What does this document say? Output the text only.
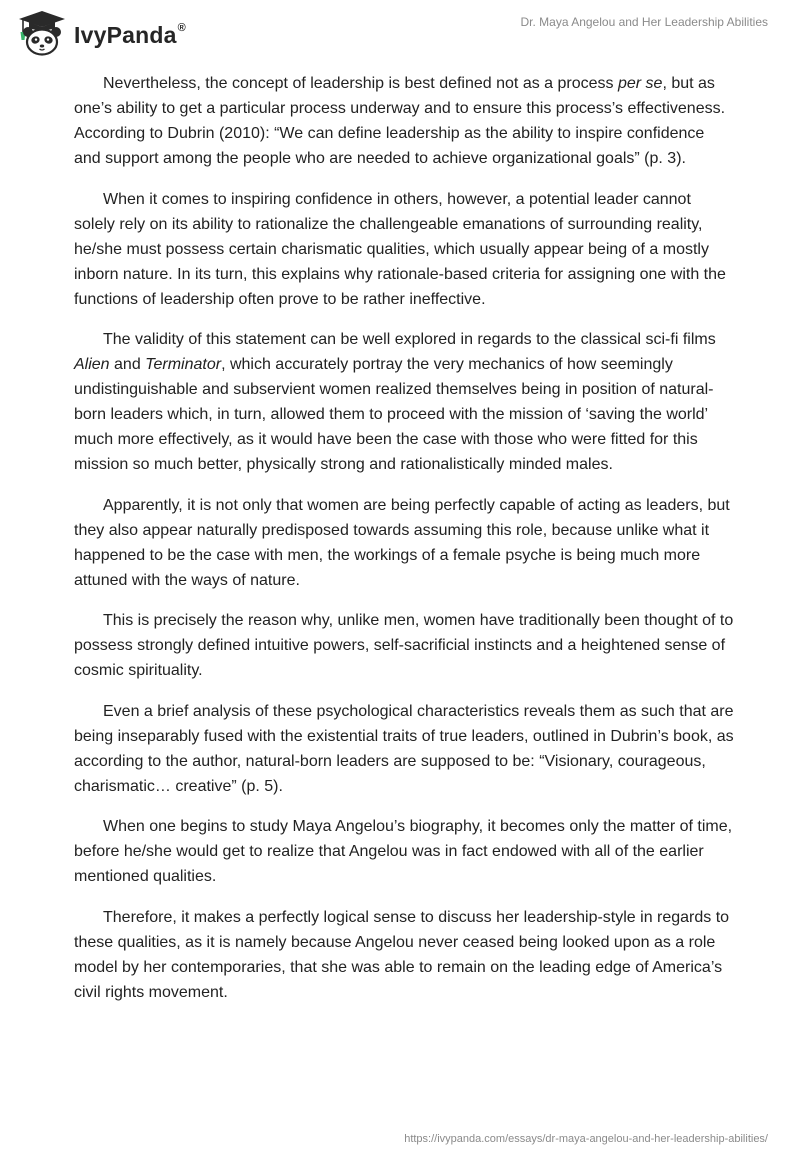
IvyPanda®	Dr. Maya Angelou and Her Leadership Abilities

Nevertheless, the concept of leadership is best defined not as a process per se, but as one’s ability to get a particular process underway and to ensure this process’s effectiveness. According to Dubrin (2010): “We can define leadership as the ability to inspire confidence and support among the people who are needed to achieve organizational goals” (p. 3).

When it comes to inspiring confidence in others, however, a potential leader cannot solely rely on its ability to rationalize the challengeable emanations of surrounding reality, he/she must possess certain charismatic qualities, which usually appear being of a mostly inborn nature. In its turn, this explains why rationale-based criteria for assigning one with the functions of leadership often prove to be rather ineffective.

The validity of this statement can be well explored in regards to the classical sci-fi films Alien and Terminator, which accurately portray the very mechanics of how seemingly undistinguishable and subservient women realized themselves being in position of natural-born leaders which, in turn, allowed them to proceed with the mission of ‘saving the world’ much more effectively, as it would have been the case with those who were fitted for this mission so much better, physically strong and rationalistically minded males.

Apparently, it is not only that women are being perfectly capable of acting as leaders, but they also appear naturally predisposed towards assuming this role, because unlike what it happened to be the case with men, the workings of a female psyche is being much more attuned with the ways of nature.

This is precisely the reason why, unlike men, women have traditionally been thought of to possess strongly defined intuitive powers, self-sacrificial instincts and a heightened sense of cosmic spirituality.

Even a brief analysis of these psychological characteristics reveals them as such that are being inseparably fused with the existential traits of true leaders, outlined in Dubrin’s book, as according to the author, natural-born leaders are supposed to be: “Visionary, courageous, charismatic… creative” (p. 5).

When one begins to study Maya Angelou’s biography, it becomes only the matter of time, before he/she would get to realize that Angelou was in fact endowed with all of the earlier mentioned qualities.

Therefore, it makes a perfectly logical sense to discuss her leadership-style in regards to these qualities, as it is namely because Angelou never ceased being looked upon as a role model by her contemporaries, that she was able to remain on the leading edge of America’s civil rights movement.

https://ivypanda.com/essays/dr-maya-angelou-and-her-leadership-abilities/
